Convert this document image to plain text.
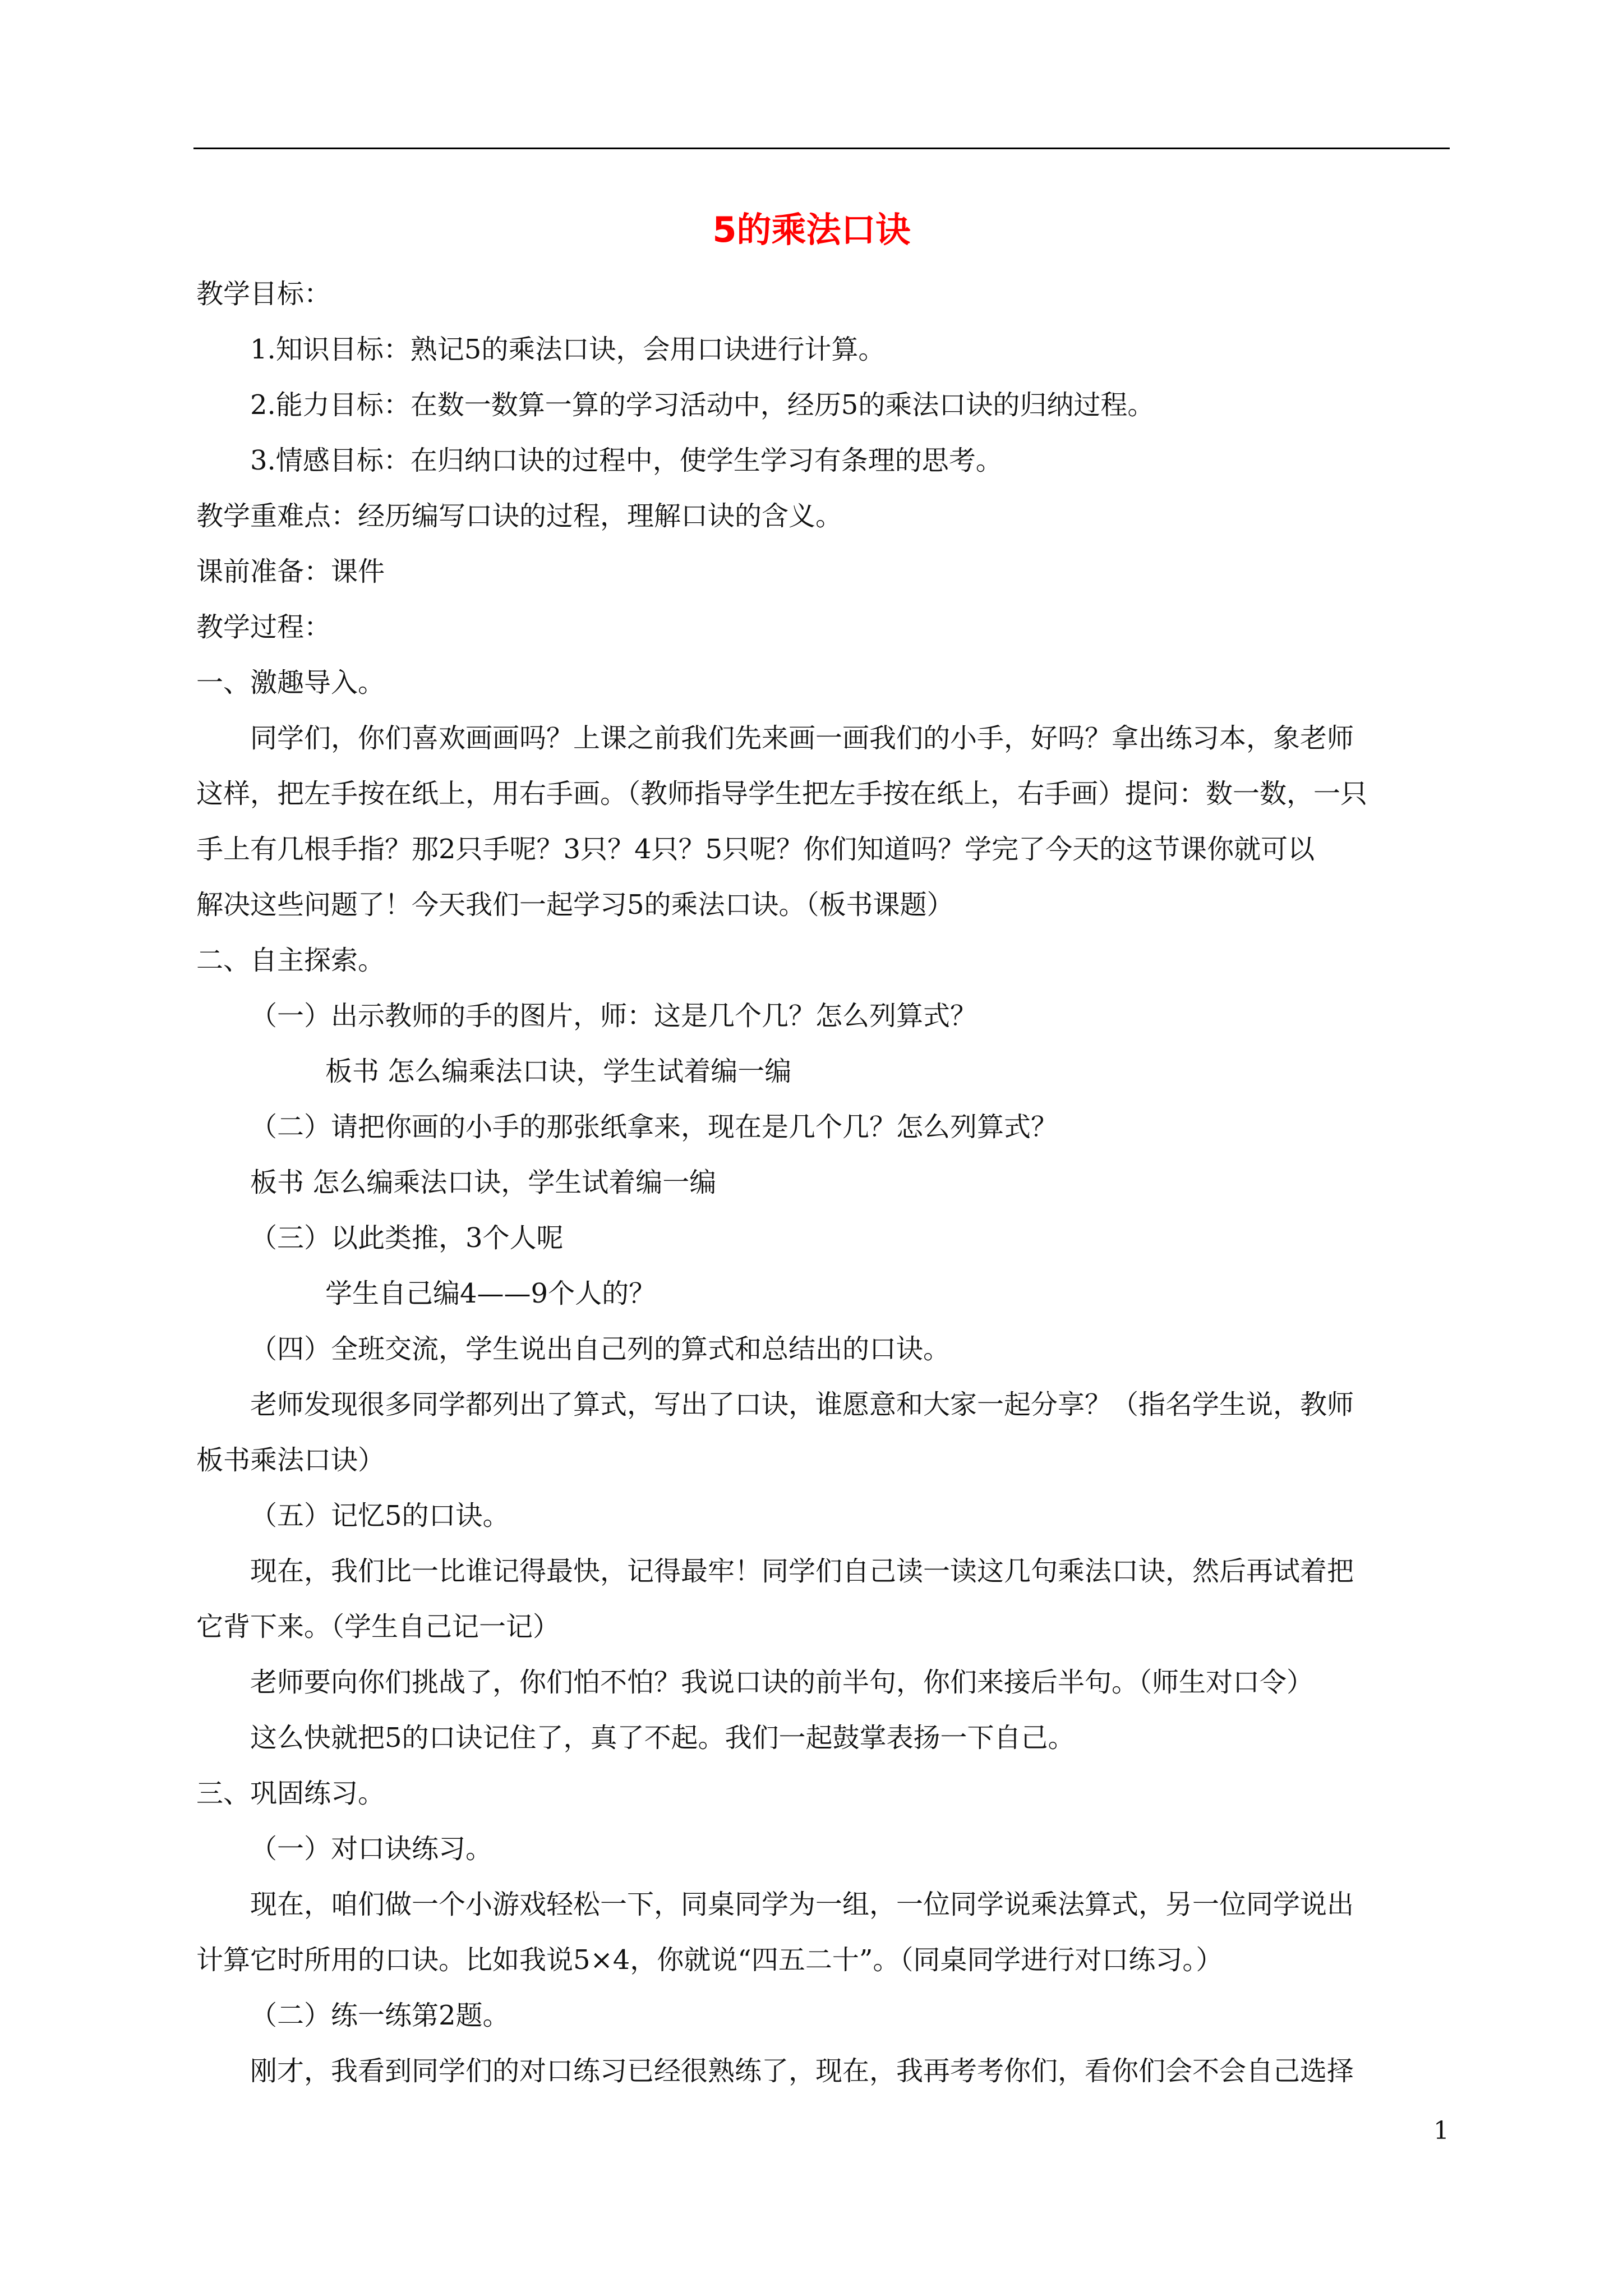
5的乘法口诀
教学目标：
1.知识目标：熟记5的乘法口诀，会用口诀进行计算。
2.能力目标：在数一数算一算的学习活动中，经历5的乘法口诀的归纳过程。
3.情感目标：在归纳口诀的过程中，使学生学习有条理的思考。
教学重难点：经历编写口诀的过程，理解口诀的含义。
课前准备：课件
教学过程：
一、激趣导入。
同学们，你们喜欢画画吗？上课之前我们先来画一画我们的小手，好吗？拿出练习本，象老师
这样，把左手按在纸上，用右手画。（教师指导学生把左手按在纸上，右手画）提问：数一数，一只
手上有几根手指？那2只手呢？3只？4只？5只呢？你们知道吗？学完了今天的这节课你就可以
解决这些问题了！今天我们一起学习5的乘法口诀。（板书课题）
二、自主探索。
（一）出示教师的手的图片，师：这是几个几？怎么列算式？
板书 怎么编乘法口诀，学生试着编一编
（二）请把你画的小手的那张纸拿来，现在是几个几？怎么列算式？
板书 怎么编乘法口诀，学生试着编一编
（三）以此类推，3个人呢
学生自己编4——9个人的？
（四）全班交流，学生说出自己列的算式和总结出的口诀。
老师发现很多同学都列出了算式，写出了口诀，谁愿意和大家一起分享？（指名学生说，教师
板书乘法口诀）
（五）记忆5的口诀。
现在，我们比一比谁记得最快，记得最牢！同学们自己读一读这几句乘法口诀，然后再试着把
它背下来。（学生自己记一记）
老师要向你们挑战了，你们怕不怕？我说口诀的前半句，你们来接后半句。（师生对口令）
这么快就把5的口诀记住了，真了不起。我们一起鼓掌表扬一下自己。
三、巩固练习。
（一）对口诀练习。
现在，咱们做一个小游戏轻松一下，同桌同学为一组，一位同学说乘法算式，另一位同学说出
计算它时所用的口诀。比如我说5×4，你就说“四五二十”。（同桌同学进行对口练习。）
（二）练一练第2题。
刚才，我看到同学们的对口练习已经很熟练了，现在，我再考考你们，看你们会不会自己选择
1
